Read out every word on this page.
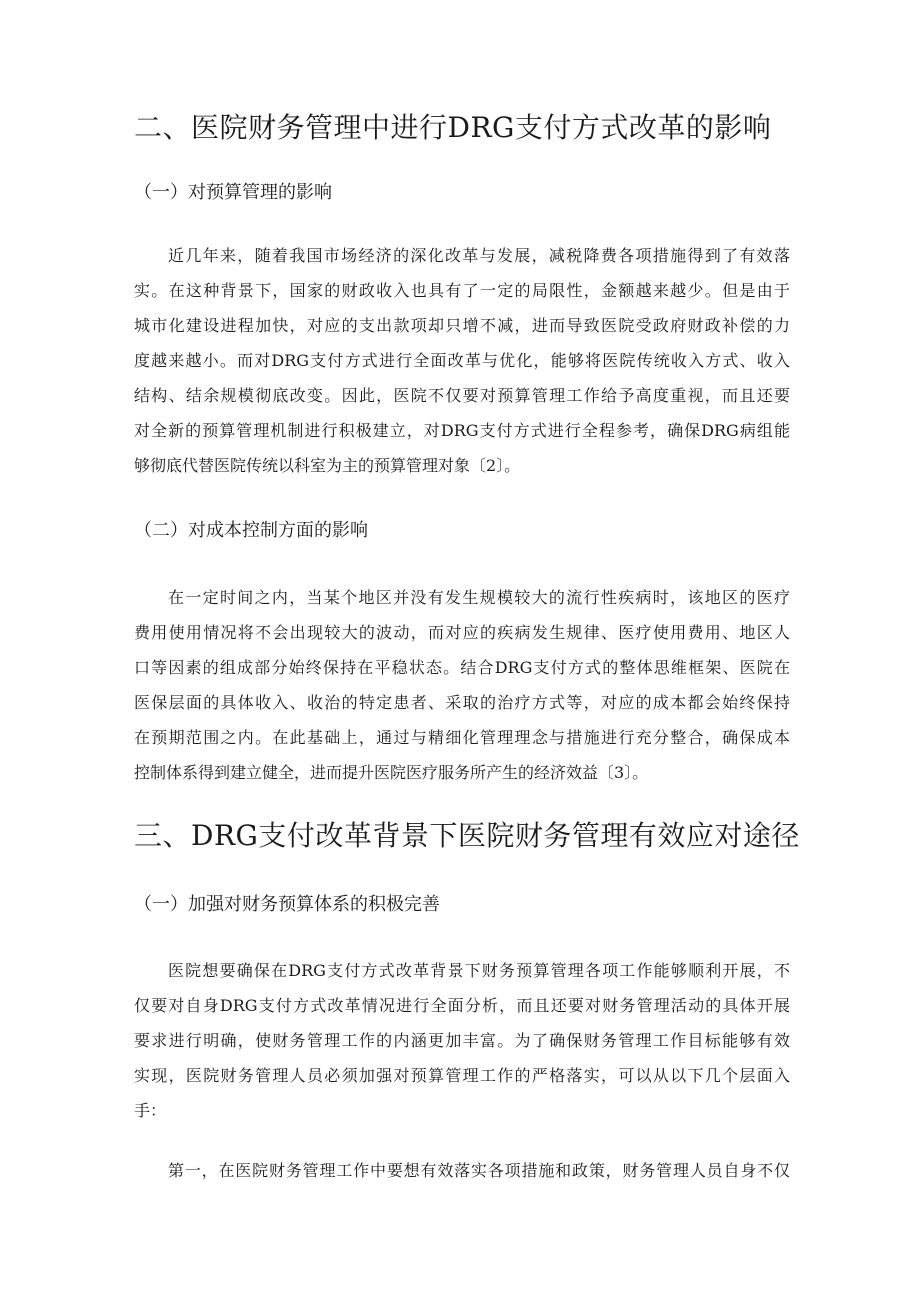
二、医院财务管理中进行DRG支付方式改革的影响
（一）对预算管理的影响
近几年来，随着我国市场经济的深化改革与发展，减税降费各项措施得到了有效落
实。在这种背景下，国家的财政收入也具有了一定的局限性，金额越来越少。但是由于
城市化建设进程加快，对应的支出款项却只增不减，进而导致医院受政府财政补偿的力
度越来越小。而对DRG支付方式进行全面改革与优化，能够将医院传统收入方式、收入
结构、结余规模彻底改变。因此，医院不仅要对预算管理工作给予高度重视，而且还要
对全新的预算管理机制进行积极建立，对DRG支付方式进行全程参考，确保DRG病组能
够彻底代替医院传统以科室为主的预算管理对象〔2〕。
（二）对成本控制方面的影响
在一定时间之内，当某个地区并没有发生规模较大的流行性疾病时，该地区的医疗
费用使用情况将不会出现较大的波动，而对应的疾病发生规律、医疗使用费用、地区人
口等因素的组成部分始终保持在平稳状态。结合DRG支付方式的整体思维框架、医院在
医保层面的具体收入、收治的特定患者、采取的治疗方式等，对应的成本都会始终保持
在预期范围之内。在此基础上，通过与精细化管理理念与措施进行充分整合，确保成本
控制体系得到建立健全，进而提升医院医疗服务所产生的经济效益〔3〕。
三、DRG支付改革背景下医院财务管理有效应对途径
（一）加强对财务预算体系的积极完善
医院想要确保在DRG支付方式改革背景下财务预算管理各项工作能够顺利开展，不
仅要对自身DRG支付方式改革情况进行全面分析，而且还要对财务管理活动的具体开展
要求进行明确，使财务管理工作的内涵更加丰富。为了确保财务管理工作目标能够有效
实现，医院财务管理人员必须加强对预算管理工作的严格落实，可以从以下几个层面入
手：
第一，在医院财务管理工作中要想有效落实各项措施和政策，财务管理人员自身不仅
